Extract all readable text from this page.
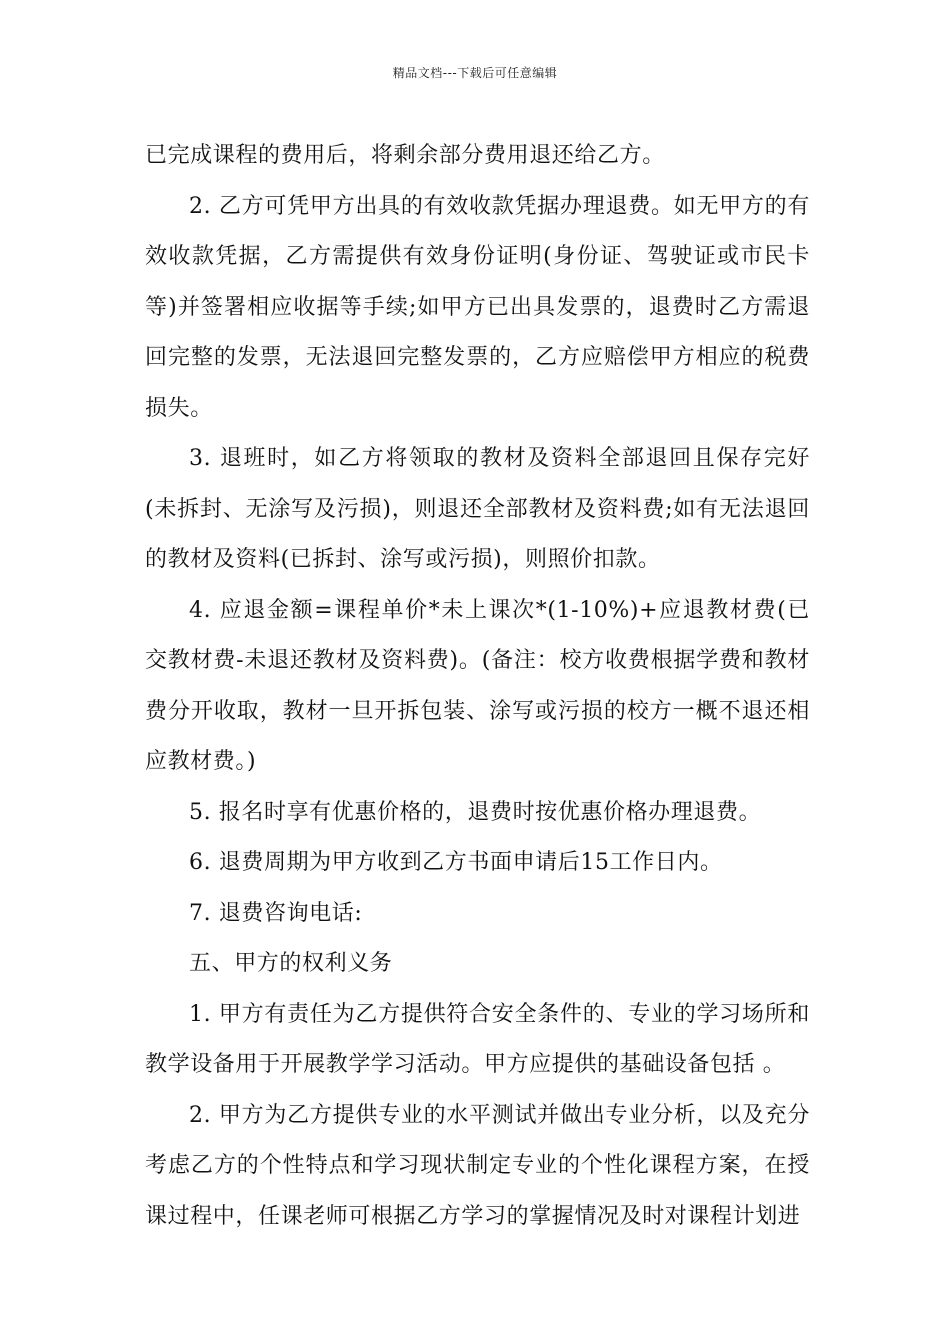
精品文档---下载后可任意编辑

已完成课程的费用后，将剩余部分费用退还给乙方。

2. 乙方可凭甲方出具的有效收款凭据办理退费。如无甲方的有效收款凭据，乙方需提供有效身份证明(身份证、驾驶证或市民卡等)并签署相应收据等手续;如甲方已出具发票的，退费时乙方需退回完整的发票，无法退回完整发票的，乙方应赔偿甲方相应的税费损失。

3. 退班时，如乙方将领取的教材及资料全部退回且保存完好(未拆封、无涂写及污损)，则退还全部教材及资料费;如有无法退回的教材及资料(已拆封、涂写或污损)，则照价扣款。

4. 应退金额=课程单价*未上课次*(1-10%)+应退教材费(已交教材费-未退还教材及资料费)。(备注：校方收费根据学费和教材费分开收取，教材一旦开拆包装、涂写或污损的校方一概不退还相应教材费。)

5. 报名时享有优惠价格的，退费时按优惠价格办理退费。

6. 退费周期为甲方收到乙方书面申请后15工作日内。

7. 退费咨询电话:

五、甲方的权利义务

1. 甲方有责任为乙方提供符合安全条件的、专业的学习场所和教学设备用于开展教学学习活动。甲方应提供的基础设备包括 。

2. 甲方为乙方提供专业的水平测试并做出专业分析，以及充分考虑乙方的个性特点和学习现状制定专业的个性化课程方案，在授课过程中，任课老师可根据乙方学习的掌握情况及时对课程计划进
